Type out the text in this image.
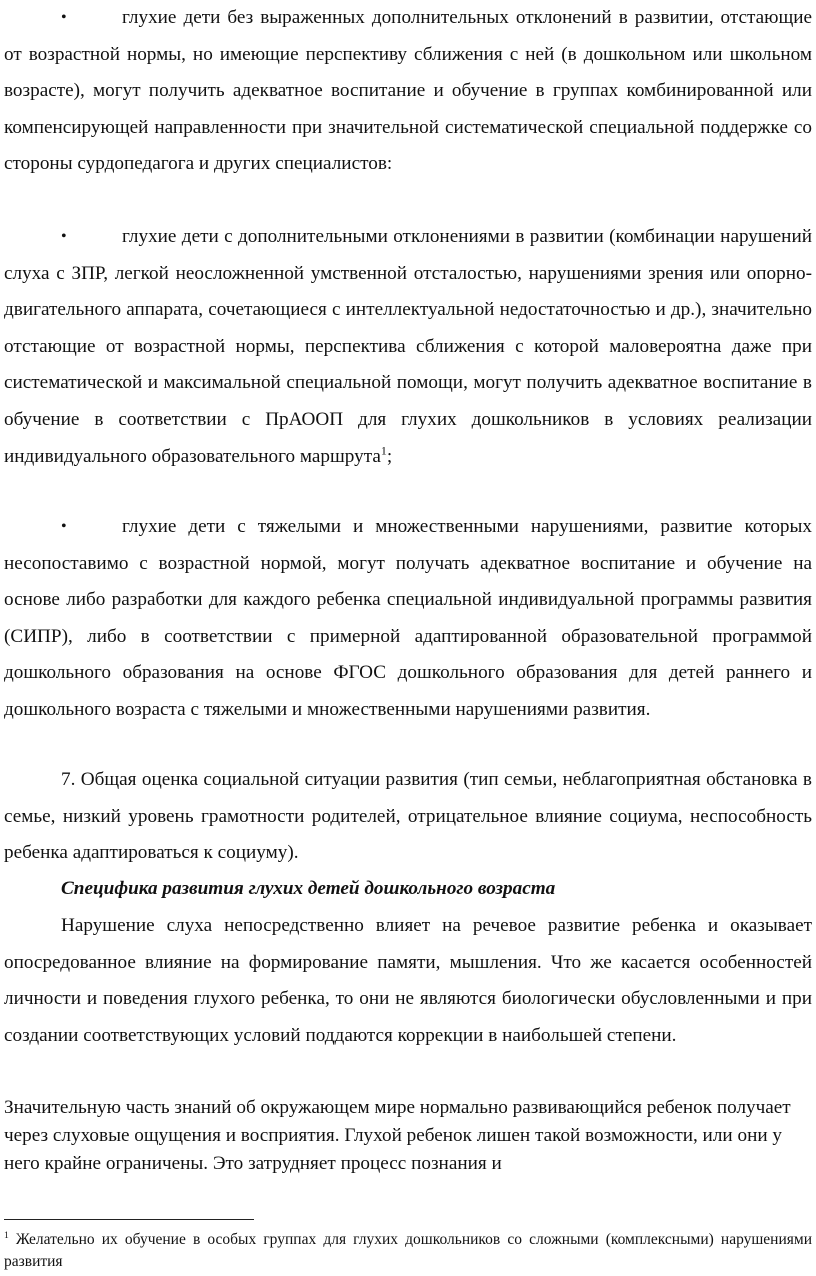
•	глухие дети без выраженных дополнительных отклонений в развитии, отстающие от возрастной нормы, но имеющие перспективу сближения с ней (в дошкольном или школьном возрасте), могут получить адекватное воспитание и обучение в группах комбинированной или компенсирующей направленности при значительной систематической специальной поддержке со стороны сурдопедагога и других специалистов:

•	глухие дети с дополнительными отклонениями в развитии (комбинации нарушений слуха с ЗПР, легкой неосложненной умственной отсталостью, нарушениями зрения или опорно-двигательного аппарата, сочетающиеся с интеллектуальной недостаточностью и др.), значительно отстающие от возрастной нормы, перспектива сближения с которой маловероятна даже при систематической и максимальной специальной помощи, могут получить адекватное воспитание в обучение в соответствии с ПрАООП для глухих дошкольников в условиях реализации индивидуального образовательного маршрута$^1$;

•	глухие дети с тяжелыми и множественными нарушениями, развитие которых несопоставимо с возрастной нормой, могут получать адекватное воспитание и обучение на основе либо разработки для каждого ребенка специальной индивидуальной программы развития (СИПР), либо в соответствии с примерной адаптированной образовательной программой дошкольного образования на основе ФГОС дошкольного образования для детей раннего и дошкольного возраста с тяжелыми и множественными нарушениями развития.

7. Общая оценка социальной ситуации развития (тип семьи, неблагоприятная обстановка в семье, низкий уровень грамотности родителей, отрицательное влияние социума, неспособность ребенка адаптироваться к социуму).

Специфика развития глухих детей дошкольного возраста

Нарушение слуха непосредственно влияет на речевое развитие ребенка и оказывает опосредованное влияние на формирование памяти, мышления. Что же касается особенностей личности и поведения глухого ребенка, то они не являются биологически обусловленными и при создании соответствующих условий поддаются коррекции в наибольшей степени.

Значительную часть знаний об окружающем мире нормально развивающийся ребенок получает через слуховые ощущения и восприятия. Глухой ребенок лишен такой возможности, или они у него крайне ограничены. Это затрудняет процесс познания и

$^1$ Желательно их обучение в особых группах для глухих дошкольников со сложными (комплексными) нарушениями развития
